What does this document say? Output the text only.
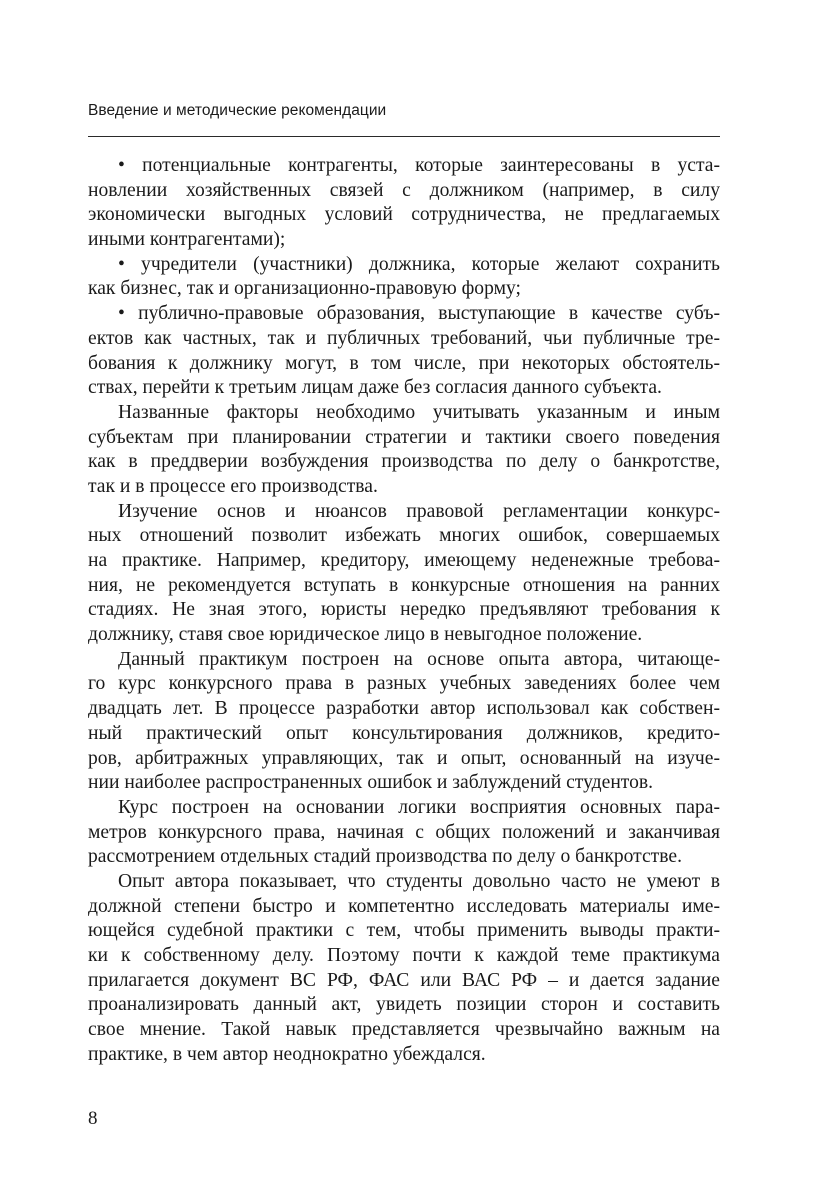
Введение и методические рекомендации
• потенциальные контрагенты, которые заинтересованы в уста-
новлении хозяйственных связей с должником (например, в силу
экономически выгодных условий сотрудничества, не предлагаемых
иными контрагентами);
• учредители (участники) должника, которые желают сохранить
как бизнес, так и организационно-правовую форму;
• публично-правовые образования, выступающие в качестве субъ-
ектов как частных, так и публичных требований, чьи публичные тре-
бования к должнику могут, в том числе, при некоторых обстоятель-
ствах, перейти к третьим лицам даже без согласия данного субъекта.
Названные факторы необходимо учитывать указанным и иным
субъектам при планировании стратегии и тактики своего поведения
как в преддверии возбуждения производства по делу о банкротстве,
так и в процессе его производства.
Изучение основ и нюансов правовой регламентации конкурс-
ных отношений позволит избежать многих ошибок, совершаемых
на практике. Например, кредитору, имеющему неденежные требова-
ния, не рекомендуется вступать в конкурсные отношения на ранних
стадиях. Не зная этого, юристы нередко предъявляют требования к
должнику, ставя свое юридическое лицо в невыгодное положение.
Данный практикум построен на основе опыта автора, читающе-
го курс конкурсного права в разных учебных заведениях более чем
двадцать лет. В процессе разработки автор использовал как собствен-
ный практический опыт консультирования должников, кредито-
ров, арбитражных управляющих, так и опыт, основанный на изуче-
нии наиболее распространенных ошибок и заблуждений студентов.
Курс построен на основании логики восприятия основных пара-
метров конкурсного права, начиная с общих положений и заканчивая
рассмотрением отдельных стадий производства по делу о банкротстве.
Опыт автора показывает, что студенты довольно часто не умеют в
должной степени быстро и компетентно исследовать материалы име-
ющейся судебной практики с тем, чтобы применить выводы практи-
ки к собственному делу. Поэтому почти к каждой теме практикума
прилагается документ ВС РФ, ФАС или ВАС РФ – и дается задание
проанализировать данный акт, увидеть позиции сторон и составить
свое мнение. Такой навык представляется чрезвычайно важным на
практике, в чем автор неоднократно убеждался.
8
